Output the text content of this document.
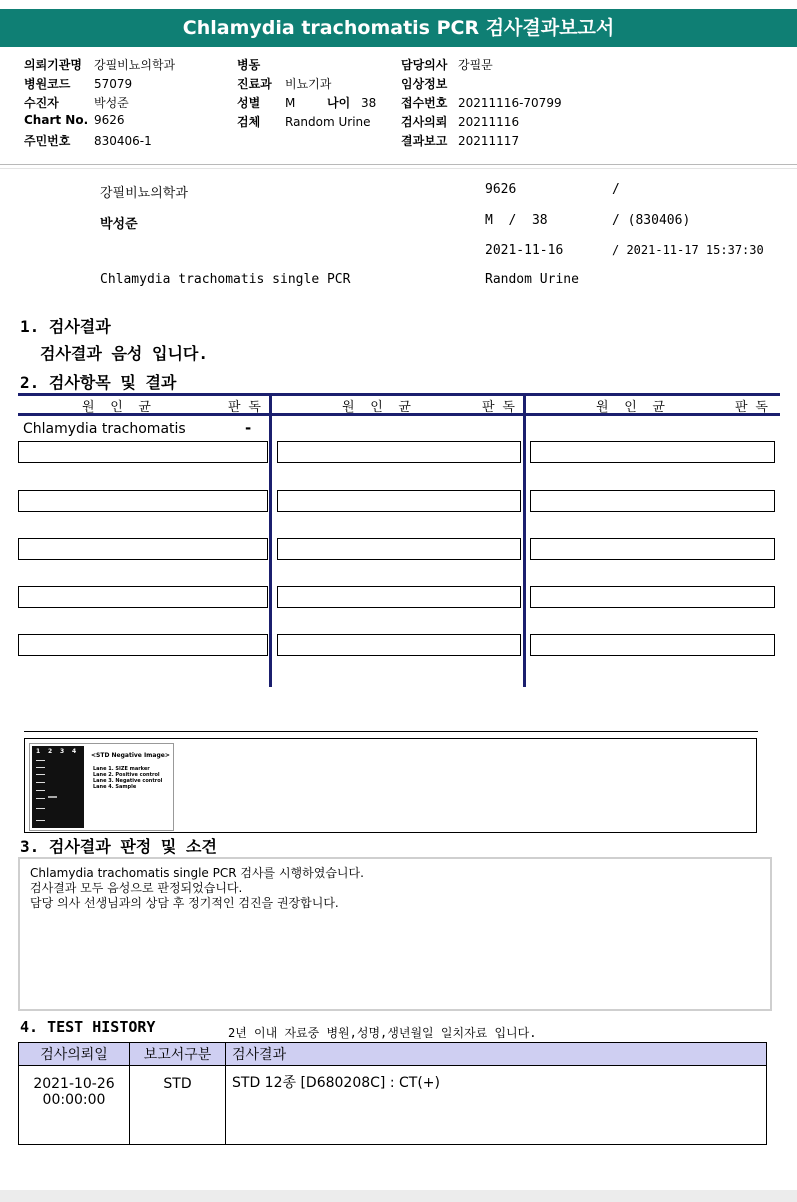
Chlamydia trachomatis PCR 검사결과보고서
의뢰기관명 강필비뇨의학과
병원코드 57079
수진자	박성준
Chart No. 9626
주민번호 830406-1
병동
진료과 비뇨기과
성별 M	나이 38
검체 Random Urine
담당의사 강필문
임상정보
접수번호 20211116-70799
검사의뢰 20211116
결과보고 20211117
강필비뇨의학과	9626	/
박성준	M  /  38	/ (830406)
2021-11-16	/ 2021-11-17 15:37:30
Chlamydia trachomatis single PCR	Random Urine
1. 검사결과
검사결과 음성 입니다.
2. 검사항목 및 결과
원  인  균	판 독	원  인  균	판 독	원  인  균	판 독
Chlamydia trachomatis	-
1 2 3 4
<STD Negative Image>
Lane 1. SIZE marker
Lane 2. Positive control
Lane 3. Negative control
Lane 4. Sample
3. 검사결과 판정 및 소견
Chlamydia trachomatis single PCR 검사를 시행하였습니다.
검사결과 모두 음성으로 판정되었습니다.
담당 의사 선생님과의 상담 후 정기적인 검진을 권장합니다.
4. TEST HISTORY	2년 이내 자료중 병원,성명,생년월일 일치자료 입니다.
검사의뢰일	보고서구분	검사결과

2021-10-26
00:00:00	STD	STD 12종 [D680208C] : CT(+)
